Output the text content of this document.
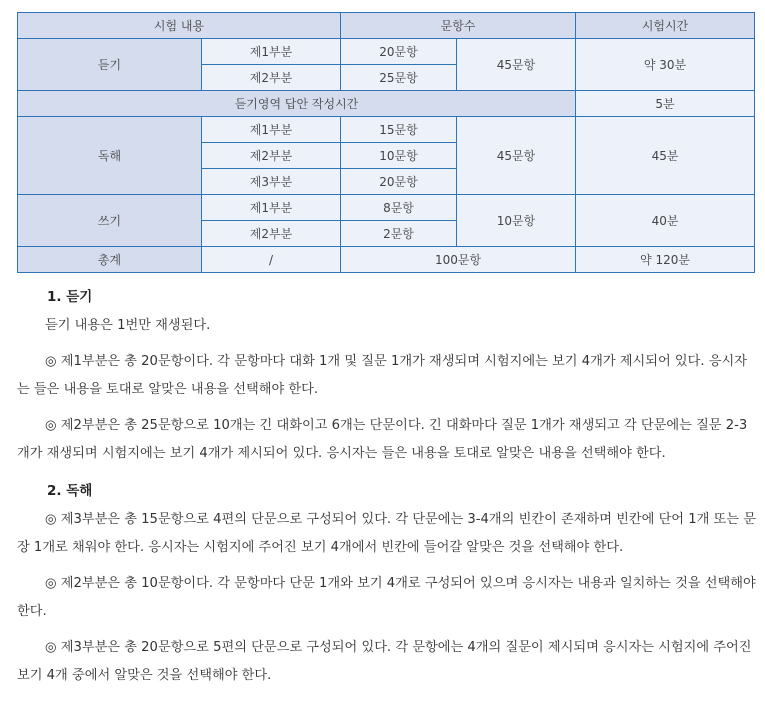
시험 내용		문항수		시험시간
듣기	제1부분	20문항	45문항	약 30분
	제2부분	25문항		
듣기영역 답안 작성시간				5분
독해	제1부분	15문항	45문항	45분
	제2부분	10문항		
	제3부분	20문항		
쓰기	제1부분	8문항	10문항	40분
	제2부분	2문항		
총계	/	100문항		약 120분
1. 듣기

듣기 내용은 1번만 재생된다.

◎ 제1부분은 총 20문항이다. 각 문항마다 대화 1개 및 질문 1개가 재생되며 시험지에는 보기 4개가 제시되어 있다. 응시자는 들은 내용을 토대로 알맞은 내용을 선택해야 한다.

◎ 제2부분은 총 25문항으로 10개는 긴 대화이고 6개는 단문이다. 긴 대화마다 질문 1개가 재생되고 각 단문에는 질문 2-3개가 재생되며 시험지에는 보기 4개가 제시되어 있다. 응시자는 들은 내용을 토대로 알맞은 내용을 선택해야 한다.

2. 독해

◎ 제3부분은 총 15문항으로 4편의 단문으로 구성되어 있다. 각 단문에는 3-4개의 빈칸이 존재하며 빈칸에 단어 1개 또는 문장 1개로 채워야 한다. 응시자는 시험지에 주어진 보기 4개에서 빈칸에 들어갈 알맞은 것을 선택해야 한다.

◎ 제2부분은 총 10문항이다. 각 문항마다 단문 1개와 보기 4개로 구성되어 있으며 응시자는 내용과 일치하는 것을 선택해야 한다.

◎ 제3부분은 총 20문항으로 5편의 단문으로 구성되어 있다. 각 문항에는 4개의 질문이 제시되며 응시자는 시험지에 주어진 보기 4개 중에서 알맞은 것을 선택해야 한다.
